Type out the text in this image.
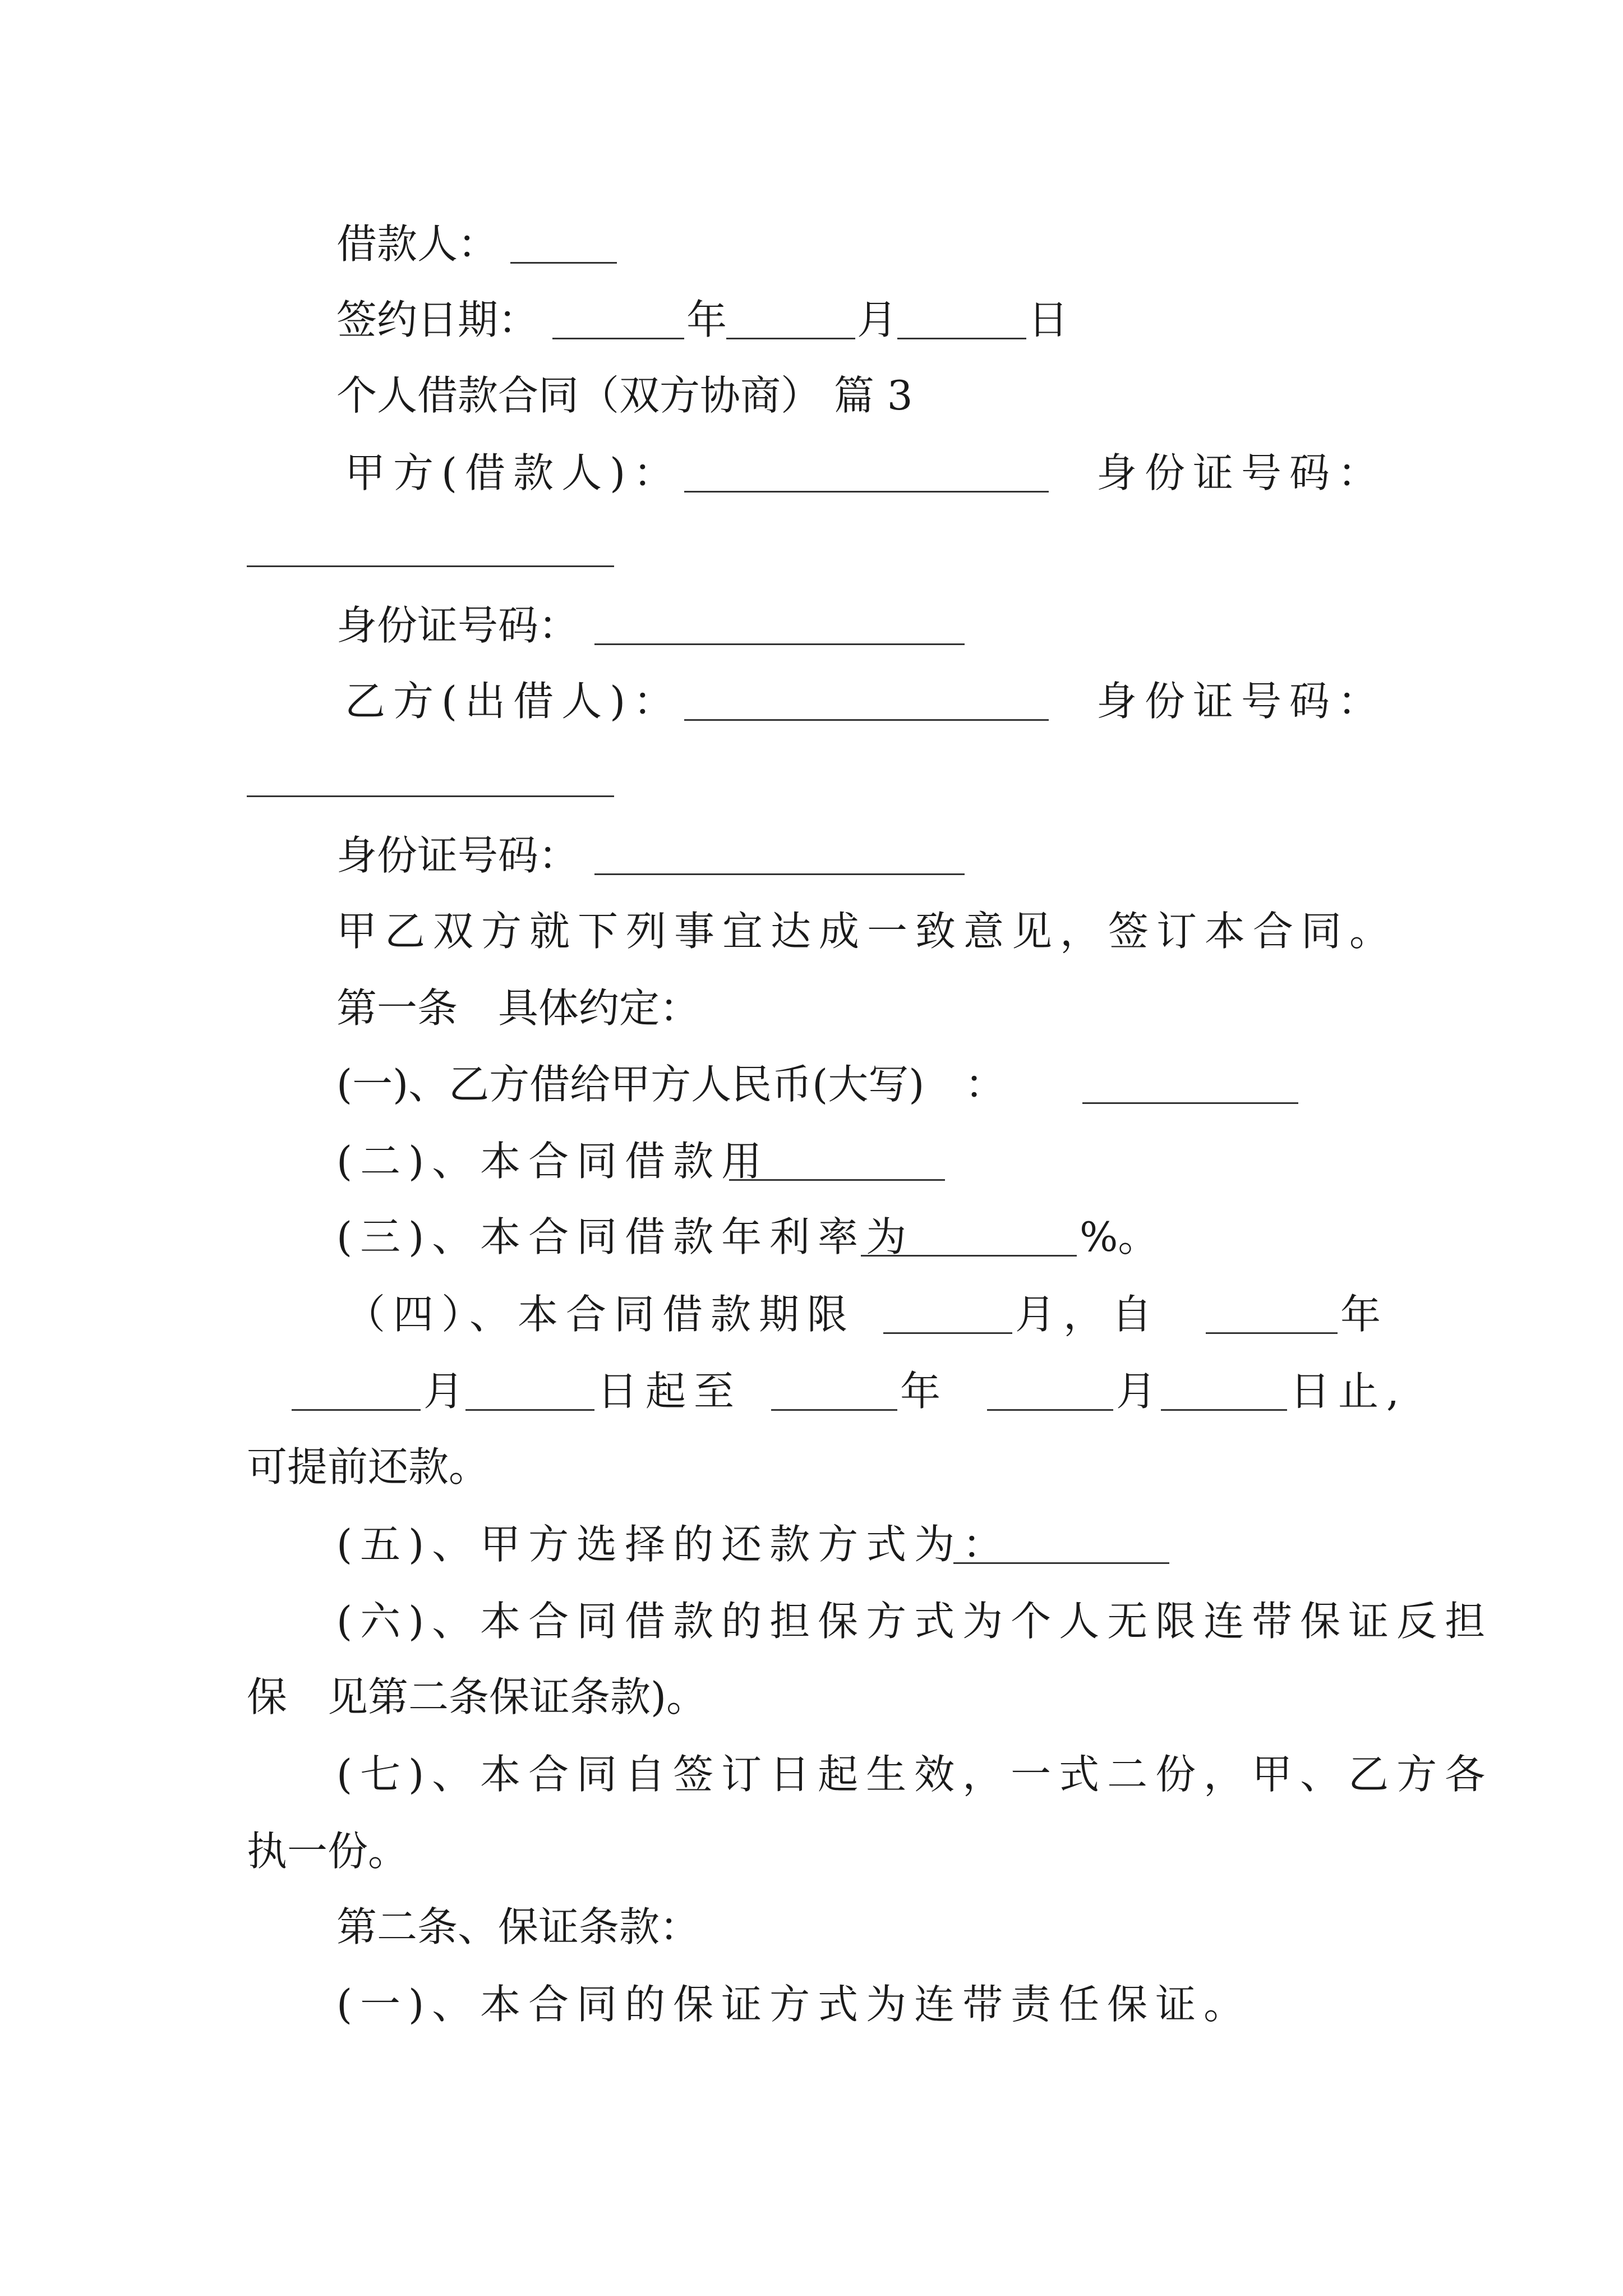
借款人：
签约日期：	年	月	日
个人借款合同（双方协商） 篇 3
甲方(借款人)：	身份证号码：
身份证号码：
乙方(出借人)：	身份证号码：
身份证号码：
甲乙双方就下列事宜达成一致意见，签订本合同。
第一条　具体约定：
(一)、乙方借给甲方人民币(大写)　：
(二)、本合同借款用
(三)、本合同借款年利率为	%。
（四）、本合同借款期限	月，自	年
月	日起至	年	月	日止,
可提前还款。
(五)、甲方选择的还款方式为：
(六)、本合同借款的担保方式为个人无限连带保证反担
保　见第二条保证条款)。
(七)、本合同自签订日起生效，一式二份，甲、乙方各
执一份。
第二条、保证条款：
(一)、本合同的保证方式为连带责任保证。
